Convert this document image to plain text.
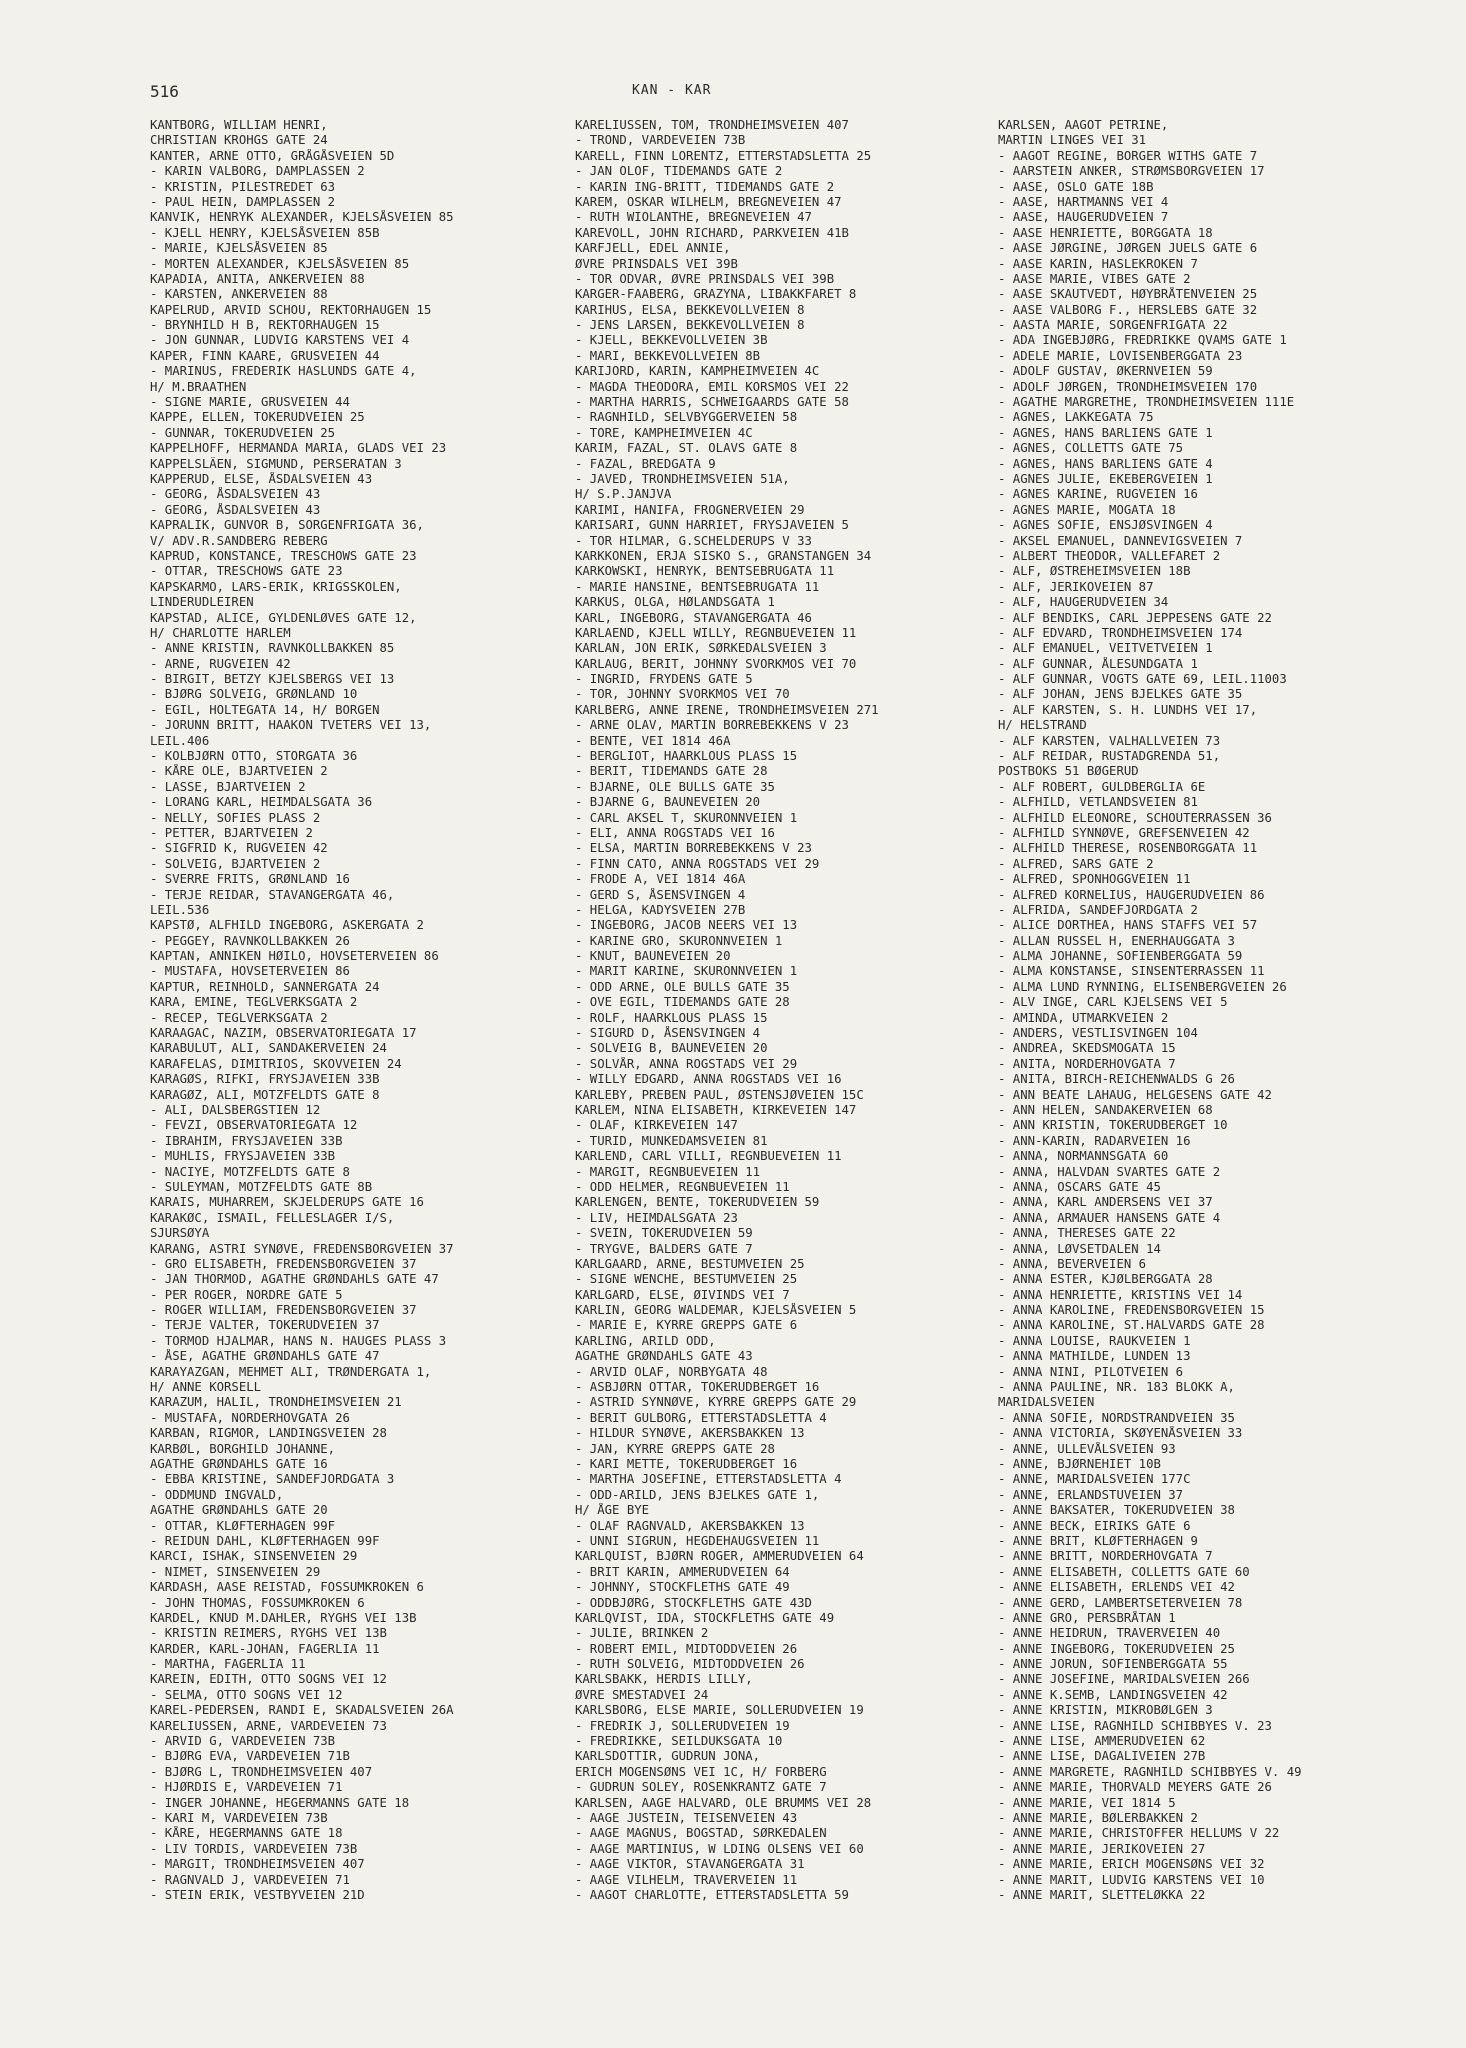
516	KAN - KAR
KANTBORG, WILLIAM HENRI,
CHRISTIAN KROHGS GATE 24
KANTER, ARNE OTTO, GRÅGÅSVEIEN 5D
- KARIN VALBORG, DAMPLASSEN 2
- KRISTIN, PILESTREDET 63
- PAUL HEIN, DAMPLASSEN 2
KANVIK, HENRYK ALEXANDER, KJELSÅSVEIEN 85
- KJELL HENRY, KJELSÅSVEIEN 85B
- MARIE, KJELSÅSVEIEN 85
- MORTEN ALEXANDER, KJELSÅSVEIEN 85
KAPADIA, ANITA, ANKERVEIEN 88
- KARSTEN, ANKERVEIEN 88
KAPELRUD, ARVID SCHOU, REKTORHAUGEN 15
- BRYNHILD H B, REKTORHAUGEN 15
- JON GUNNAR, LUDVIG KARSTENS VEI 4
KAPER, FINN KAARE, GRUSVEIEN 44
- MARINUS, FREDERIK HASLUNDS GATE 4,
H/ M.BRAATHEN
- SIGNE MARIE, GRUSVEIEN 44
KAPPE, ELLEN, TOKERUDVEIEN 25
- GUNNAR, TOKERUDVEIEN 25
KAPPELHOFF, HERMANDA MARIA, GLADS VEI 23
KAPPELSLÄEN, SIGMUND, PERSERATAN 3
KAPPERUD, ELSE, ÅSDALSVEIEN 43
- GEORG, ÅSDALSVEIEN 43
- GEORG, ÅSDALSVEIEN 43
KAPRALIK, GUNVOR B, SORGENFRIGATA 36,
V/ ADV.R.SANDBERG REBERG
KAPRUD, KONSTANCE, TRESCHOWS GATE 23
- OTTAR, TRESCHOWS GATE 23
KAPSKARMO, LARS-ERIK, KRIGSSKOLEN,
LINDERUDLEIREN
KAPSTAD, ALICE, GYLDENLØVES GATE 12,
H/ CHARLOTTE HARLEM
- ANNE KRISTIN, RAVNKOLLBAKKEN 85
- ARNE, RUGVEIEN 42
- BIRGIT, BETZY KJELSBERGS VEI 13
- BJØRG SOLVEIG, GRØNLAND 10
- EGIL, HOLTEGATA 14, H/ BORGEN
- JORUNN BRITT, HAAKON TVETERS VEI 13,
LEIL.406
- KOLBJØRN OTTO, STORGATA 36
- KÅRE OLE, BJARTVEIEN 2
- LASSE, BJARTVEIEN 2
- LORANG KARL, HEIMDALSGATA 36
- NELLY, SOFIES PLASS 2
- PETTER, BJARTVEIEN 2
- SIGFRID K, RUGVEIEN 42
- SOLVEIG, BJARTVEIEN 2
- SVERRE FRITS, GRØNLAND 16
- TERJE REIDAR, STAVANGERGATA 46,
LEIL.536
KAPSTØ, ALFHILD INGEBORG, ASKERGATA 2
- PEGGEY, RAVNKOLLBAKKEN 26
KAPTAN, ANNIKEN HØILO, HOVSETERVEIEN 86
- MUSTAFA, HOVSETERVEIEN 86
KAPTUR, REINHOLD, SANNERGATA 24
KARA, EMINE, TEGLVERKSGATA 2
- RECEP, TEGLVERKSGATA 2
KARAAGAC, NAZIM, OBSERVATORIEGATA 17
KARABULUT, ALI, SANDAKERVEIEN 24
KARAFELAS, DIMITRIOS, SKOVVEIEN 24
KARAGØS, RIFKI, FRYSJAVEIEN 33B
KARAGØZ, ALI, MOTZFELDTS GATE 8
- ALI, DALSBERGSTIEN 12
- FEVZI, OBSERVATORIEGATA 12
- IBRAHIM, FRYSJAVEIEN 33B
- MUHLIS, FRYSJAVEIEN 33B
- NACIYE, MOTZFELDTS GATE 8
- SULEYMAN, MOTZFELDTS GATE 8B
KARAIS, MUHARREM, SKJELDERUPS GATE 16
KARAKØC, ISMAIL, FELLESLAGER I/S,
SJURSØYA
KARANG, ASTRI SYNØVE, FREDENSBORGVEIEN 37
- GRO ELISABETH, FREDENSBORGVEIEN 37
- JAN THORMOD, AGATHE GRØNDAHLS GATE 47
- PER ROGER, NORDRE GATE 5
- ROGER WILLIAM, FREDENSBORGVEIEN 37
- TERJE VALTER, TOKERUDVEIEN 37
- TORMOD HJALMAR, HANS N. HAUGES PLASS 3
- ÅSE, AGATHE GRØNDAHLS GATE 47
KARAYAZGAN, MEHMET ALI, TRØNDERGATA 1,
H/ ANNE KORSELL
KARAZUM, HALIL, TRONDHEIMSVEIEN 21
- MUSTAFA, NORDERHOVGATA 26
KARBAN, RIGMOR, LANDINGSVEIEN 28
KARBØL, BORGHILD JOHANNE,
AGATHE GRØNDAHLS GATE 16
- EBBA KRISTINE, SANDEFJORDGATA 3
- ODDMUND INGVALD,
AGATHE GRØNDAHLS GATE 20
- OTTAR, KLØFTERHAGEN 99F
- REIDUN DAHL, KLØFTERHAGEN 99F
KARCI, ISHAK, SINSENVEIEN 29
- NIMET, SINSENVEIEN 29
KARDASH, AASE REISTAD, FOSSUMKROKEN 6
- JOHN THOMAS, FOSSUMKROKEN 6
KARDEL, KNUD M.DAHLER, RYGHS VEI 13B
- KRISTIN REIMERS, RYGHS VEI 13B
KARDER, KARL-JOHAN, FAGERLIA 11
- MARTHA, FAGERLIA 11
KAREIN, EDITH, OTTO SOGNS VEI 12
- SELMA, OTTO SOGNS VEI 12
KAREL-PEDERSEN, RANDI E, SKADALSVEIEN 26A
KARELIUSSEN, ARNE, VARDEVEIEN 73
- ARVID G, VARDEVEIEN 73B
- BJØRG EVA, VARDEVEIEN 71B
- BJØRG L, TRONDHEIMSVEIEN 407
- HJØRDIS E, VARDEVEIEN 71
- INGER JOHANNE, HEGERMANNS GATE 18
- KARI M, VARDEVEIEN 73B
- KÅRE, HEGERMANNS GATE 18
- LIV TORDIS, VARDEVEIEN 73B
- MARGIT, TRONDHEIMSVEIEN 407
- RAGNVALD J, VARDEVEIEN 71
- STEIN ERIK, VESTBYVEIEN 21D
KARELIUSSEN, TOM, TRONDHEIMSVEIEN 407
- TROND, VARDEVEIEN 73B
KARELL, FINN LORENTZ, ETTERSTADSLETTA 25
- JAN OLOF, TIDEMANDS GATE 2
- KARIN ING-BRITT, TIDEMANDS GATE 2
KAREM, OSKAR WILHELM, BREGNEVEIEN 47
- RUTH WIOLANTHE, BREGNEVEIEN 47
KAREVOLL, JOHN RICHARD, PARKVEIEN 41B
KARFJELL, EDEL ANNIE,
ØVRE PRINSDALS VEI 39B
- TOR ODVAR, ØVRE PRINSDALS VEI 39B
KARGER-FAABERG, GRAZYNA, LIBAKKFARET 8
KARIHUS, ELSA, BEKKEVOLLVEIEN 8
- JENS LARSEN, BEKKEVOLLVEIEN 8
- KJELL, BEKKEVOLLVEIEN 3B
- MARI, BEKKEVOLLVEIEN 8B
KARIJORD, KARIN, KAMPHEIMVEIEN 4C
- MAGDA THEODORA, EMIL KORSMOS VEI 22
- MARTHA HARRIS, SCHWEIGAARDS GATE 58
- RAGNHILD, SELVBYGGERVEIEN 58
- TORE, KAMPHEIMVEIEN 4C
KARIM, FAZAL, ST. OLAVS GATE 8
- FAZAL, BREDGATA 9
- JAVED, TRONDHEIMSVEIEN 51A,
H/ S.P.JANJVA
KARIMI, HANIFA, FROGNERVEIEN 29
KARISARI, GUNN HARRIET, FRYSJAVEIEN 5
- TOR HILMAR, G.SCHELDERUPS V 33
KARKKONEN, ERJA SISKO S., GRANSTANGEN 34
KARKOWSKI, HENRYK, BENTSEBRUGATA 11
- MARIE HANSINE, BENTSEBRUGATA 11
KARKUS, OLGA, HØLANDSGATA 1
KARL, INGEBORG, STAVANGERGATA 46
KARLAEND, KJELL WILLY, REGNBUEVEIEN 11
KARLAN, JON ERIK, SØRKEDALSVEIEN 3
KARLAUG, BERIT, JOHNNY SVORKMOS VEI 70
- INGRID, FRYDENS GATE 5
- TOR, JOHNNY SVORKMOS VEI 70
KARLBERG, ANNE IRENE, TRONDHEIMSVEIEN 271
- ARNE OLAV, MARTIN BORREBEKKENS V 23
- BENTE, VEI 1814 46A
- BERGLIOT, HAARKLOUS PLASS 15
- BERIT, TIDEMANDS GATE 28
- BJARNE, OLE BULLS GATE 35
- BJARNE G, BAUNEVEIEN 20
- CARL AKSEL T, SKURONNVEIEN 1
- ELI, ANNA ROGSTADS VEI 16
- ELSA, MARTIN BORREBEKKENS V 23
- FINN CATO, ANNA ROGSTADS VEI 29
- FRODE A, VEI 1814 46A
- GERD S, ÅSENSVINGEN 4
- HELGA, KADYSVEIEN 27B
- INGEBORG, JACOB NEERS VEI 13
- KARINE GRO, SKURONNVEIEN 1
- KNUT, BAUNEVEIEN 20
- MARIT KARINE, SKURONNVEIEN 1
- ODD ARNE, OLE BULLS GATE 35
- OVE EGIL, TIDEMANDS GATE 28
- ROLF, HAARKLOUS PLASS 15
- SIGURD D, ÅSENSVINGEN 4
- SOLVEIG B, BAUNEVEIEN 20
- SOLVÅR, ANNA ROGSTADS VEI 29
- WILLY EDGARD, ANNA ROGSTADS VEI 16
KARLEBY, PREBEN PAUL, ØSTENSJØVEIEN 15C
KARLEM, NINA ELISABETH, KIRKEVEIEN 147
- OLAF, KIRKEVEIEN 147
- TURID, MUNKEDAMSVEIEN 81
KARLEND, CARL VILLI, REGNBUEVEIEN 11
- MARGIT, REGNBUEVEIEN 11
- ODD HELMER, REGNBUEVEIEN 11
KARLENGEN, BENTE, TOKERUDVEIEN 59
- LIV, HEIMDALSGATA 23
- SVEIN, TOKERUDVEIEN 59
- TRYGVE, BALDERS GATE 7
KARLGAARD, ARNE, BESTUMVEIEN 25
- SIGNE WENCHE, BESTUMVEIEN 25
KARLGARD, ELSE, ØIVINDS VEI 7
KARLIN, GEORG WALDEMAR, KJELSÅSVEIEN 5
- MARIE E, KYRRE GREPPS GATE 6
KARLING, ARILD ODD,
AGATHE GRØNDAHLS GATE 43
- ARVID OLAF, NORBYGATA 48
- ASBJØRN OTTAR, TOKERUDBERGET 16
- ASTRID SYNNØVE, KYRRE GREPPS GATE 29
- BERIT GULBORG, ETTERSTADSLETTA 4
- HILDUR SYNØVE, AKERSBAKKEN 13
- JAN, KYRRE GREPPS GATE 28
- KARI METTE, TOKERUDBERGET 16
- MARTHA JOSEFINE, ETTERSTADSLETTA 4
- ODD-ARILD, JENS BJELKES GATE 1,
H/ ÅGE BYE
- OLAF RAGNVALD, AKERSBAKKEN 13
- UNNI SIGRUN, HEGDEHAUGSVEIEN 11
KARLQUIST, BJØRN ROGER, AMMERUDVEIEN 64
- BRIT KARIN, AMMERUDVEIEN 64
- JOHNNY, STOCKFLETHS GATE 49
- ODDBJØRG, STOCKFLETHS GATE 43D
KARLQVIST, IDA, STOCKFLETHS GATE 49
- JULIE, BRINKEN 2
- ROBERT EMIL, MIDTODDVEIEN 26
- RUTH SOLVEIG, MIDTODDVEIEN 26
KARLSBAKK, HERDIS LILLY,
ØVRE SMESTADVEI 24
KARLSBORG, ELSE MARIE, SOLLERUDVEIEN 19
- FREDRIK J, SOLLERUDVEIEN 19
- FREDRIKKE, SEILDUKSGATA 10
KARLSDOTTIR, GUDRUN JONA,
ERICH MOGENSØNS VEI 1C, H/ FORBERG
- GUDRUN SOLEY, ROSENKRANTZ GATE 7
KARLSEN, AAGE HALVARD, OLE BRUMMS VEI 28
- AAGE JUSTEIN, TEISENVEIEN 43
- AAGE MAGNUS, BOGSTAD, SØRKEDALEN
- AAGE MARTINIUS, W LDING OLSENS VEI 60
- AAGE VIKTOR, STAVANGERGATA 31
- AAGE VILHELM, TRAVERVEIEN 11
- AAGOT CHARLOTTE, ETTERSTADSLETTA 59
KARLSEN, AAGOT PETRINE,
MARTIN LINGES VEI 31
- AAGOT REGINE, BORGER WITHS GATE 7
- AARSTEIN ANKER, STRØMSBORGVEIEN 17
- AASE, OSLO GATE 18B
- AASE, HARTMANNS VEI 4
- AASE, HAUGERUDVEIEN 7
- AASE HENRIETTE, BORGGATA 18
- AASE JØRGINE, JØRGEN JUELS GATE 6
- AASE KARIN, HASLEKROKEN 7
- AASE MARIE, VIBES GATE 2
- AASE SKAUTVEDT, HØYBRÅTENVEIEN 25
- AASE VALBORG F., HERSLEBS GATE 32
- AASTA MARIE, SORGENFRIGATA 22
- ADA INGEBJØRG, FREDRIKKE QVAMS GATE 1
- ADELE MARIE, LOVISENBERGGATA 23
- ADOLF GUSTAV, ØKERNVEIEN 59
- ADOLF JØRGEN, TRONDHEIMSVEIEN 170
- AGATHE MARGRETHE, TRONDHEIMSVEIEN 111E
- AGNES, LAKKEGATA 75
- AGNES, HANS BARLIENS GATE 1
- AGNES, COLLETTS GATE 75
- AGNES, HANS BARLIENS GATE 4
- AGNES JULIE, EKEBERGVEIEN 1
- AGNES KARINE, RUGVEIEN 16
- AGNES MARIE, MOGATA 18
- AGNES SOFIE, ENSJØSVINGEN 4
- AKSEL EMANUEL, DANNEVIGSVEIEN 7
- ALBERT THEODOR, VALLEFARET 2
- ALF, ØSTREHEIMSVEIEN 18B
- ALF, JERIKOVEIEN 87
- ALF, HAUGERUDVEIEN 34
- ALF BENDIKS, CARL JEPPESENS GATE 22
- ALF EDVARD, TRONDHEIMSVEIEN 174
- ALF EMANUEL, VEITVETVEIEN 1
- ALF GUNNAR, ÅLESUNDGATA 1
- ALF GUNNAR, VOGTS GATE 69, LEIL.11003
- ALF JOHAN, JENS BJELKES GATE 35
- ALF KARSTEN, S. H. LUNDHS VEI 17,
H/ HELSTRAND
- ALF KARSTEN, VALHALLVEIEN 73
- ALF REIDAR, RUSTADGRENDA 51,
POSTBOKS 51 BØGERUD
- ALF ROBERT, GULDBERGLIA 6E
- ALFHILD, VETLANDSVEIEN 81
- ALFHILD ELEONORE, SCHOUTERRASSEN 36
- ALFHILD SYNNØVE, GREFSENVEIEN 42
- ALFHILD THERESE, ROSENBORGGATA 11
- ALFRED, SARS GATE 2
- ALFRED, SPONHOGGVEIEN 11
- ALFRED KORNELIUS, HAUGERUDVEIEN 86
- ALFRIDA, SANDEFJORDGATA 2
- ALICE DORTHEA, HANS STAFFS VEI 57
- ALLAN RUSSEL H, ENERHAUGGATA 3
- ALMA JOHANNE, SOFIENBERGGATA 59
- ALMA KONSTANSE, SINSENTERRASSEN 11
- ALMA LUND RYNNING, ELISENBERGVEIEN 26
- ALV INGE, CARL KJELSENS VEI 5
- AMINDA, UTMARKVEIEN 2
- ANDERS, VESTLISVINGEN 104
- ANDREA, SKEDSMOGATA 15
- ANITA, NORDERHOVGATA 7
- ANITA, BIRCH-REICHENWALDS G 26
- ANN BEATE LAHAUG, HELGESENS GATE 42
- ANN HELEN, SANDAKERVEIEN 68
- ANN KRISTIN, TOKERUDBERGET 10
- ANN-KARIN, RADARVEIEN 16
- ANNA, NORMANNSGATA 60
- ANNA, HALVDAN SVARTES GATE 2
- ANNA, OSCARS GATE 45
- ANNA, KARL ANDERSENS VEI 37
- ANNA, ARMAUER HANSENS GATE 4
- ANNA, THERESES GATE 22
- ANNA, LØVSETDALEN 14
- ANNA, BEVERVEIEN 6
- ANNA ESTER, KJØLBERGGATA 28
- ANNA HENRIETTE, KRISTINS VEI 14
- ANNA KAROLINE, FREDENSBORGVEIEN 15
- ANNA KAROLINE, ST.HALVARDS GATE 28
- ANNA LOUISE, RAUKVEIEN 1
- ANNA MATHILDE, LUNDEN 13
- ANNA NINI, PILOTVEIEN 6
- ANNA PAULINE, NR. 183 BLOKK A,
MARIDALSVEIEN
- ANNA SOFIE, NORDSTRANDVEIEN 35
- ANNA VICTORIA, SKØYENÅSVEIEN 33
- ANNE, ULLEVÅLSVEIEN 93
- ANNE, BJØRNEHIET 10B
- ANNE, MARIDALSVEIEN 177C
- ANNE, ERLANDSTUVEIEN 37
- ANNE BAKSATER, TOKERUDVEIEN 38
- ANNE BECK, EIRIKS GATE 6
- ANNE BRIT, KLØFTERHAGEN 9
- ANNE BRITT, NORDERHOVGATA 7
- ANNE ELISABETH, COLLETTS GATE 60
- ANNE ELISABETH, ERLENDS VEI 42
- ANNE GERD, LAMBERTSETERVEIEN 78
- ANNE GRO, PERSBRÅTAN 1
- ANNE HEIDRUN, TRAVERVEIEN 40
- ANNE INGEBORG, TOKERUDVEIEN 25
- ANNE JORUN, SOFIENBERGGATA 55
- ANNE JOSEFINE, MARIDALSVEIEN 266
- ANNE K.SEMB, LANDINGSVEIEN 42
- ANNE KRISTIN, MIKROBØLGEN 3
- ANNE LISE, RAGNHILD SCHIBBYES V. 23
- ANNE LISE, AMMERUDVEIEN 62
- ANNE LISE, DAGALIVEIEN 27B
- ANNE MARGRETE, RAGNHILD SCHIBBYES V. 49
- ANNE MARIE, THORVALD MEYERS GATE 26
- ANNE MARIE, VEI 1814 5
- ANNE MARIE, BØLERBAKKEN 2
- ANNE MARIE, CHRISTOFFER HELLUMS V 22
- ANNE MARIE, JERIKOVEIEN 27
- ANNE MARIE, ERICH MOGENSØNS VEI 32
- ANNE MARIT, LUDVIG KARSTENS VEI 10
- ANNE MARIT, SLETTELØKKA 22
